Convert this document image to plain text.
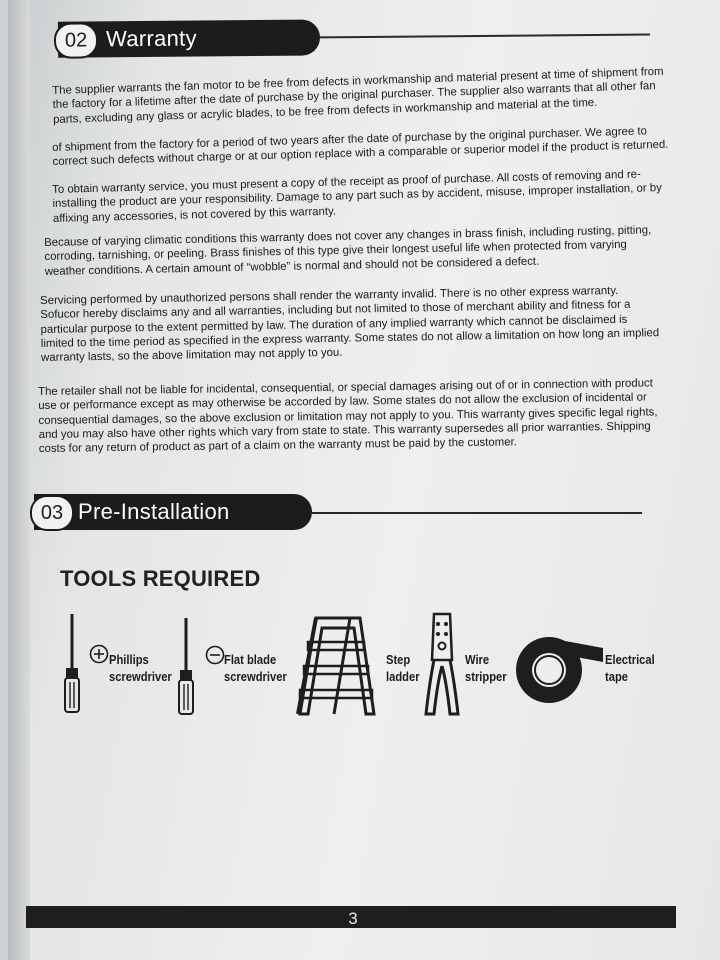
02 Warranty
The supplier warrants the fan motor to be free from defects in workmanship and material present at time of shipment from the factory for a lifetime after the date of purchase by the original purchaser. The supplier also warrants that all other fan parts, excluding any glass or acrylic blades, to be free from defects in workmanship and material at the time.
of shipment from the factory for a period of two years after the date of purchase by the original purchaser. We agree to correct such defects without charge or at our option replace with a comparable or superior model if the product is returned.
To obtain warranty service, you must present a copy of the receipt as proof of purchase. All costs of removing and re-installing the product are your responsibility. Damage to any part such as by accident, misuse, improper installation, or by affixing any accessories, is not covered by this warranty.
Because of varying climatic conditions this warranty does not cover any changes in brass finish, including rusting, pitting, corroding, tarnishing, or peeling. Brass finishes of this type give their longest useful life when protected from varying weather conditions. A certain amount of “wobble” is normal and should not be considered a defect.
Servicing performed by unauthorized persons shall render the warranty invalid. There is no other express warranty. Sofucor hereby disclaims any and all warranties, including but not limited to those of merchant ability and fitness for a particular purpose to the extent permitted by law. The duration of any implied warranty which cannot be disclaimed is limited to the time period as specified in the express warranty. Some states do not allow a limitation on how long an implied warranty lasts, so the above limitation may not apply to you.
The retailer shall not be liable for incidental, consequential, or special damages arising out of or in connection with product use or performance except as may otherwise be accorded by law. Some states do not allow the exclusion of incidental or consequential damages, so the above exclusion or limitation may not apply to you. This warranty gives specific legal rights, and you may also have other rights which vary from state to state. This warranty supersedes all prior warranties. Shipping costs for any return of product as part of a claim on the warranty must be paid by the customer.
03 Pre-Installation
TOOLS REQUIRED
Phillips
screwdriver
Flat blade
screwdriver
Step
ladder
Wire
stripper
Electrical
tape
3
